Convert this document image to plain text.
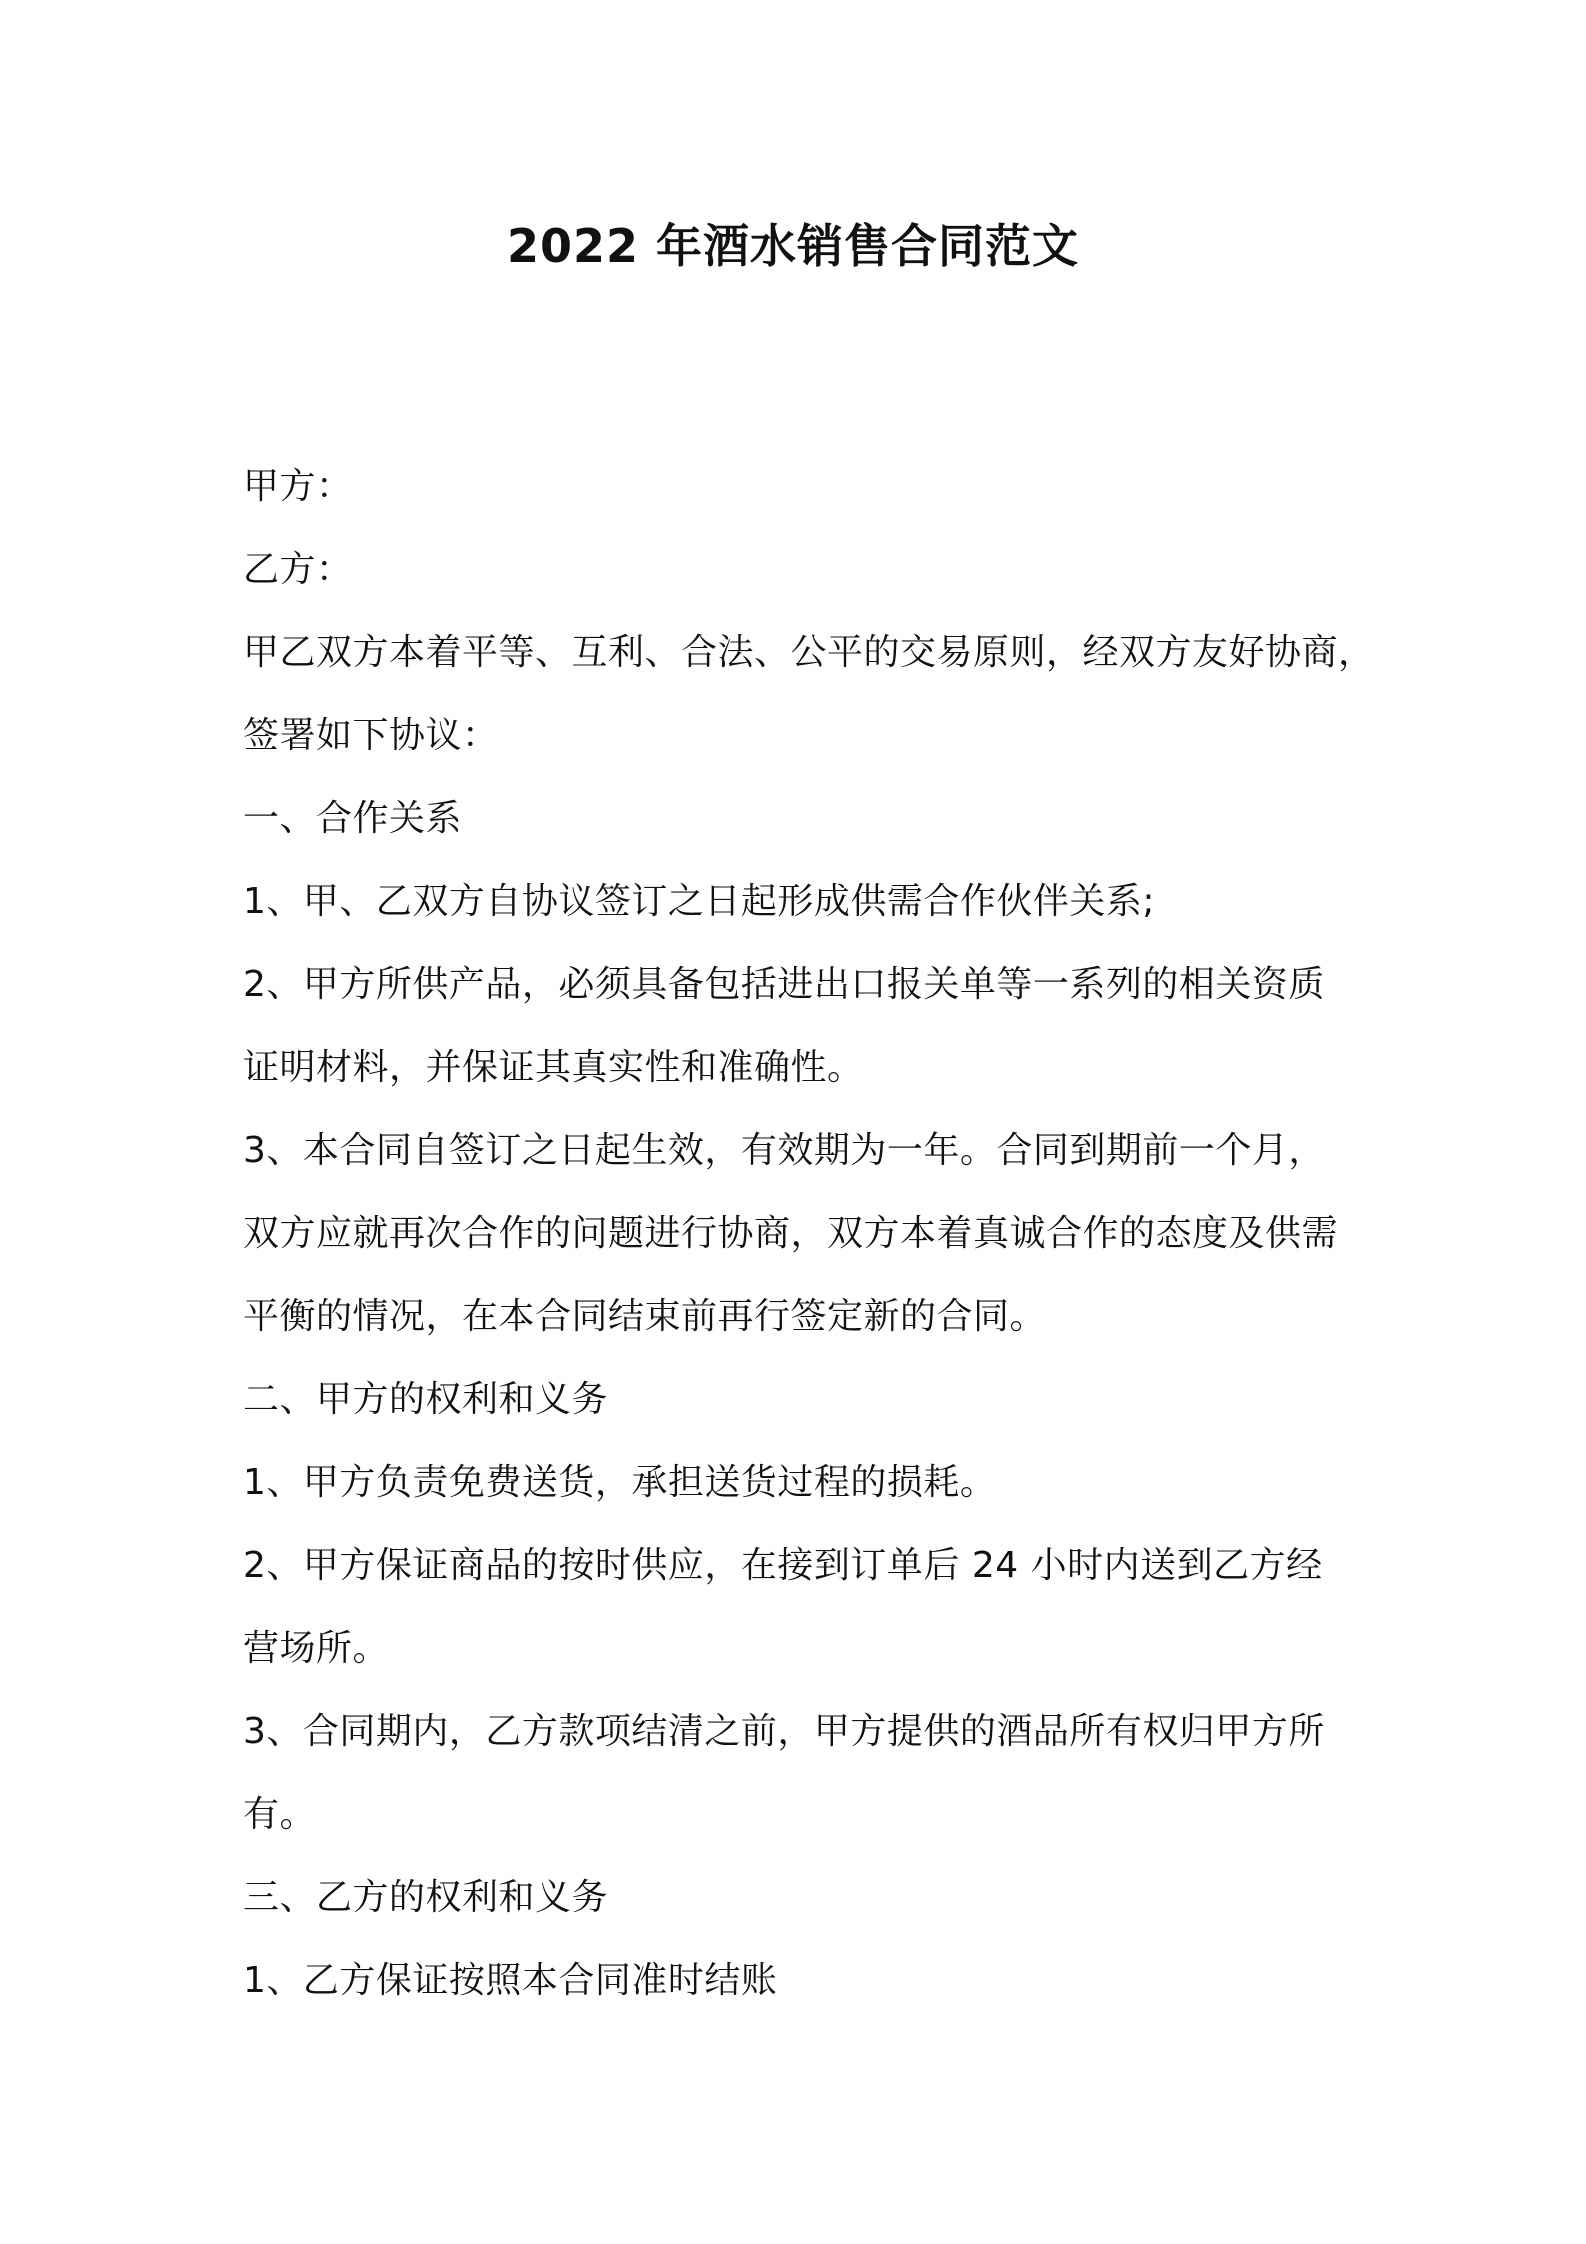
2022 年酒水销售合同范文

甲方：

乙方：

甲乙双方本着平等、互利、合法、公平的交易原则，经双方友好协商，

签署如下协议：

一、合作关系

1、甲、乙双方自协议签订之日起形成供需合作伙伴关系;

2、甲方所供产品，必须具备包括进出口报关单等一系列的相关资质

证明材料，并保证其真实性和准确性。

3、本合同自签订之日起生效，有效期为一年。合同到期前一个月，

双方应就再次合作的问题进行协商，双方本着真诚合作的态度及供需

平衡的情况，在本合同结束前再行签定新的合同。

二、甲方的权利和义务

1、甲方负责免费送货，承担送货过程的损耗。

2、甲方保证商品的按时供应，在接到订单后 24 小时内送到乙方经

营场所。

3、合同期内，乙方款项结清之前，甲方提供的酒品所有权归甲方所

有。

三、乙方的权利和义务

1、乙方保证按照本合同准时结账
